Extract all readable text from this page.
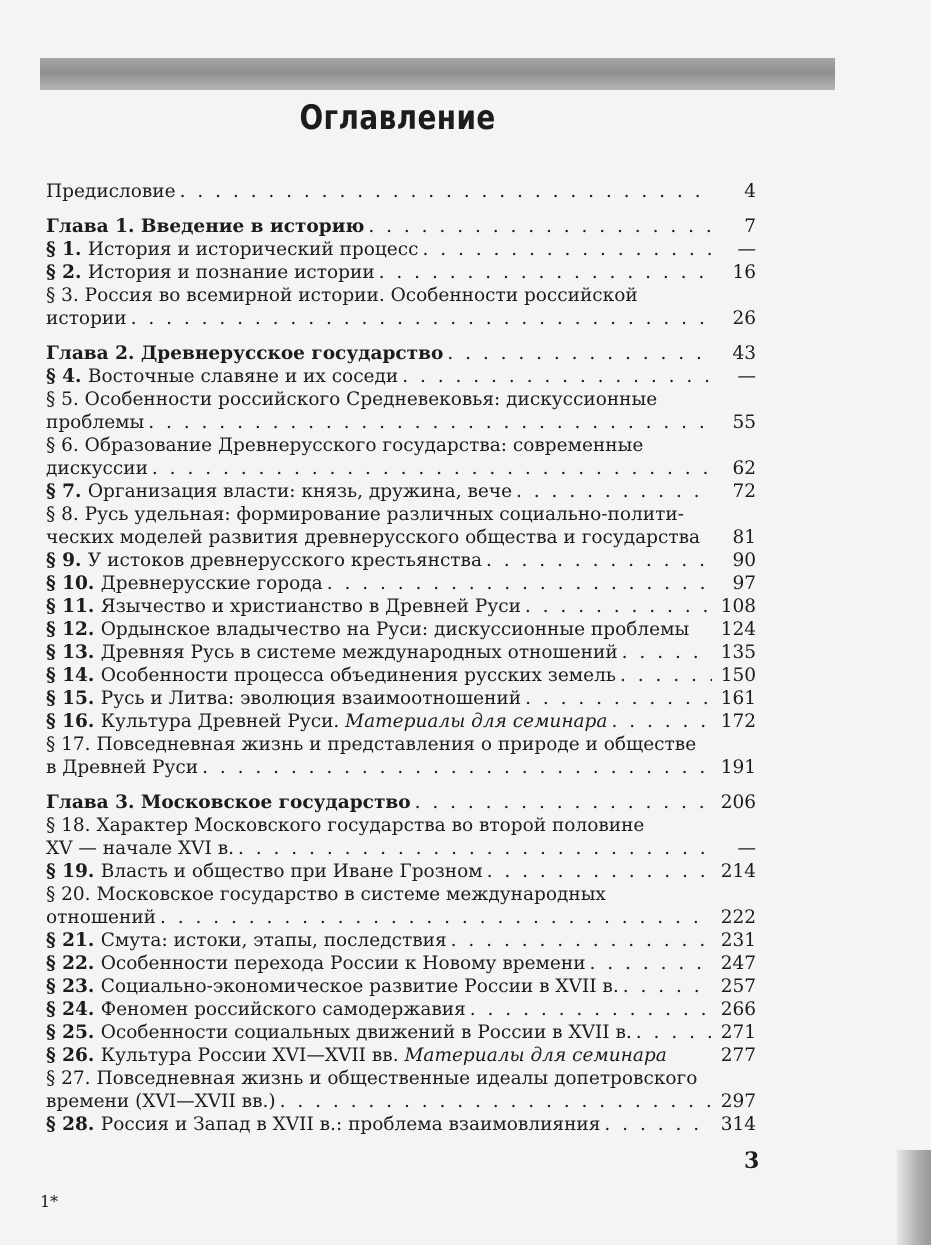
Оглавление
Предисловие . . .	4
Глава 1. Введение в историю . . .	7
§ 1. История и исторический процесс . . .	—
§ 2. История и познание истории . . .	16
§ 3. Россия во всемирной истории. Особенности российской
истории . . .	26
Глава 2. Древнерусское государство . . .	43
§ 4. Восточные славяне и их соседи . . .	—
§ 5. Особенности российского Средневековья: дискуссионные
проблемы . . .	55
§ 6. Образование Древнерусского государства: современные
дискуссии . . .	62
§ 7. Организация власти: князь, дружина, вече . . .	72
§ 8. Русь удельная: формирование различных социально-полити-
ческих моделей развития древнерусского общества и государства	81
§ 9. У истоков древнерусского крестьянства . . .	90
§ 10. Древнерусские города . . .	97
§ 11. Язычество и христианство в Древней Руси . . .	108
§ 12. Ордынское владычество на Руси: дискуссионные проблемы 124
§ 13. Древняя Русь в системе международных отношений . . .	135
§ 14. Особенности процесса объединения русских земель . . .	150
§ 15. Русь и Литва: эволюция взаимоотношений . . .	161
§ 16. Культура Древней Руси. Материалы для семинара . . .	172
§ 17. Повседневная жизнь и представления о природе и обществе
в Древней Руси . . .	191
Глава 3. Московское государство . . .	206
§ 18. Характер Московского государства во второй половине
XV — начале XVI в. . . .	—
§ 19. Власть и общество при Иване Грозном . . .	214
§ 20. Московское государство в системе международных
отношений . . .	222
§ 21. Смута: истоки, этапы, последствия . . .	231
§ 22. Особенности перехода России к Новому времени . . .	247
§ 23. Социально-экономическое развитие России в XVII в. . . .	257
§ 24. Феномен российского самодержавия . . .	266
§ 25. Особенности социальных движений в России в XVII в. . . .	271
§ 26. Культура России XVI—XVII вв. Материалы для семинара	277
§ 27. Повседневная жизнь и общественные идеалы допетровского
времени (XVI—XVII вв.) . . .	297
§ 28. Россия и Запад в XVII в.: проблема взаимовлияния . . .	314
1*
3
